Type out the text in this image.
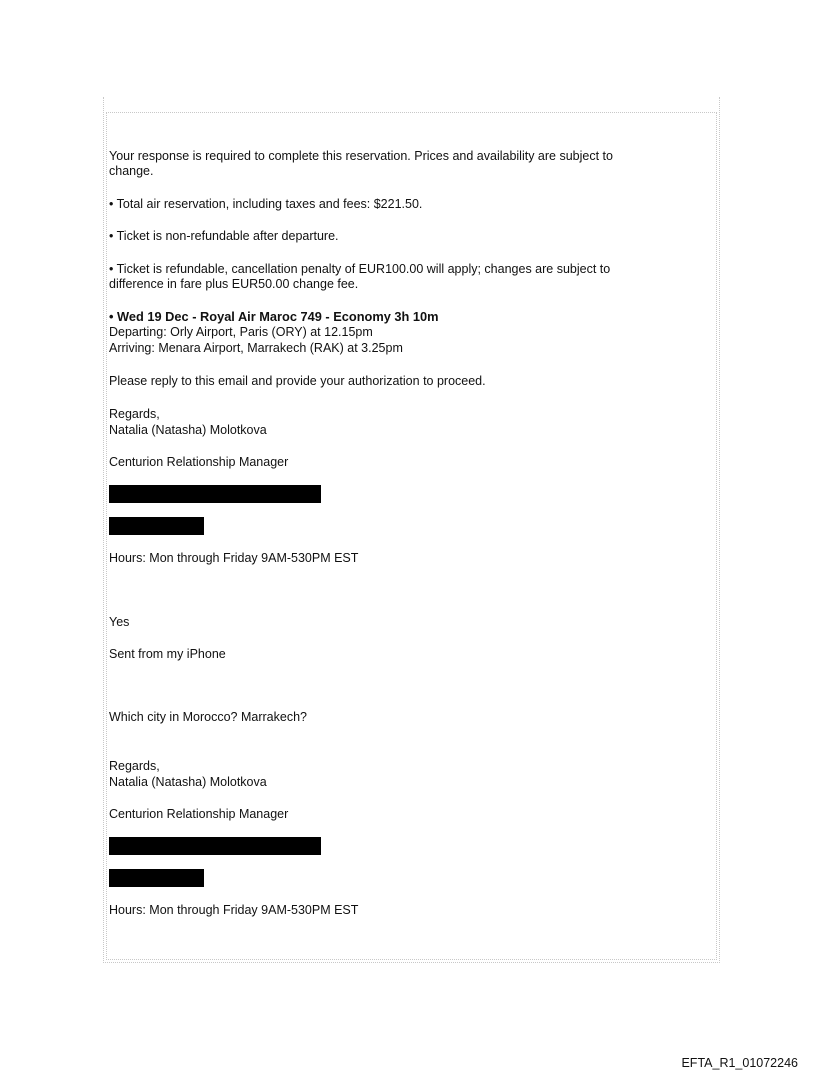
Your response is required to complete this reservation. Prices and availability are subject to

change.

• Total air reservation, including taxes and fees: $221.50.

• Ticket is non-refundable after departure.

• Ticket is refundable, cancellation penalty of EUR100.00 will apply; changes are subject to

difference in fare plus EUR50.00 change fee.

• Wed 19 Dec - Royal Air Maroc 749 - Economy 3h 10m

Departing: Orly Airport, Paris (ORY) at 12.15pm

Arriving: Menara Airport, Marrakech (RAK) at 3.25pm

Please reply to this email and provide your authorization to proceed.

Regards,

Natalia (Natasha) Molotkova

Centurion Relationship Manager

Hours: Mon through Friday 9AM-530PM EST

Yes

Sent from my iPhone

Which city in Morocco? Marrakech?

Regards,

Natalia (Natasha) Molotkova

Centurion Relationship Manager

Hours: Mon through Friday 9AM-530PM EST

EFTA_R1_01072246
